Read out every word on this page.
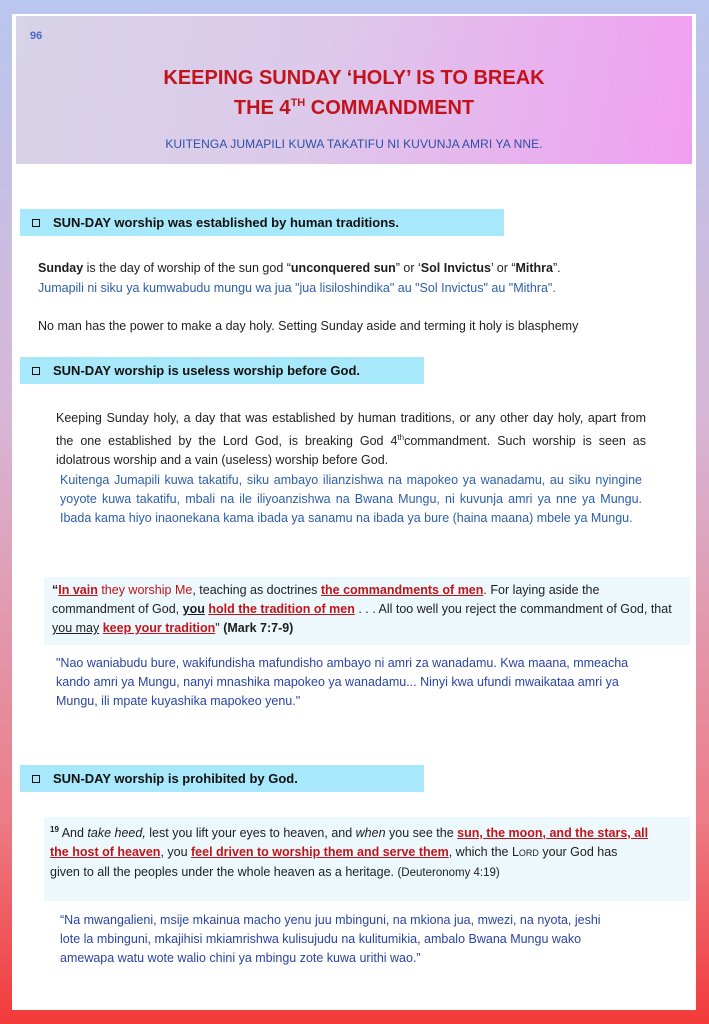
96
KEEPING SUNDAY ‘HOLY’ IS TO BREAK
THE 4TH COMMANDMENT
KUITENGA JUMAPILI KUWA TAKATIFU NI KUVUNJA AMRI YA NNE.
SUN-DAY worship was established by human traditions.
Sunday is the day of worship of the sun god “unconquered sun” or ‘Sol Invictus’ or “Mithra”.
Jumapili ni siku ya kumwabudu mungu wa jua "jua lisiloshindika" au "Sol Invictus" au "Mithra".
No man has the power to make a day holy. Setting Sunday aside and terming it holy is blasphemy
SUN-DAY worship is useless worship before God.
Keeping Sunday holy, a day that was established by human traditions, or any other day holy, apart from the one established by the Lord God, is breaking God 4thcommandment. Such worship is seen as idolatrous worship and a vain (useless) worship before God.
Kuitenga Jumapili kuwa takatifu, siku ambayo ilianzishwa na mapokeo ya wanadamu, au siku nyingine yoyote kuwa takatifu, mbali na ile iliyoanzishwa na Bwana Mungu, ni kuvunja amri ya nne ya Mungu. Ibada kama hiyo inaonekana kama ibada ya sanamu na ibada ya bure (haina maana) mbele ya Mungu.
“In vain they worship Me, teaching as doctrines the commandments of men. For laying aside the commandment of God, you hold the tradition of men . . . All too well you reject the commandment of God, that you may keep your tradition" (Mark 7:7-9)
"Nao waniabudu bure, wakifundisha mafundisho ambayo ni amri za wanadamu. Kwa maana, mmeacha kando amri ya Mungu, nanyi mnashika mapokeo ya wanadamu... Ninyi kwa ufundi mwaikataa amri ya Mungu, ili mpate kuyashika mapokeo yenu."
SUN-DAY worship is prohibited by God.
$^{19}$ And take heed, lest you lift your eyes to heaven, and when you see the sun, the moon, and the stars, all the host of heaven, you feel driven to worship them and serve them, which the LORD your God has given to all the peoples under the whole heaven as a heritage. (Deuteronomy 4:19)
“Na mwangalieni, msije mkainua macho yenu juu mbinguni, na mkiona jua, mwezi, na nyota, jeshi lote la mbinguni, mkajihisi mkiamrishwa kulisujudu na kulitumikia, ambalo Bwana Mungu wako amewapa watu wote walio chini ya mbingu zote kuwa urithi wao.”
